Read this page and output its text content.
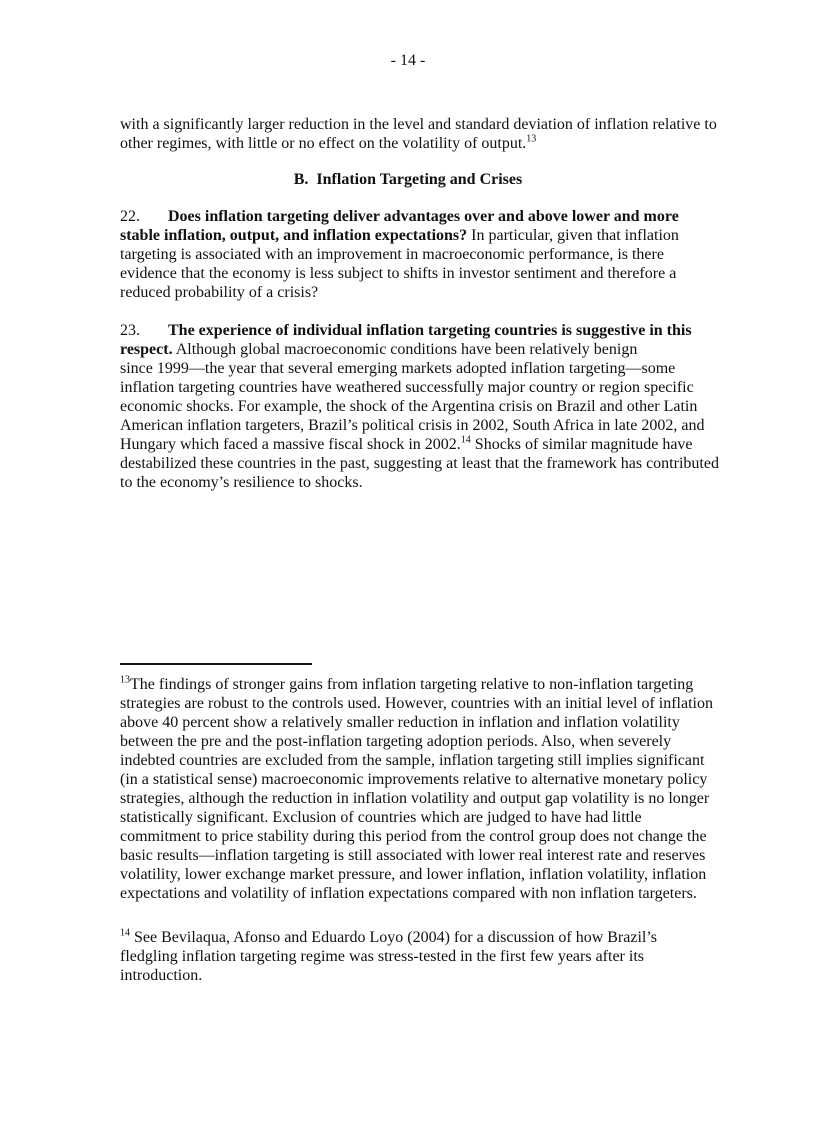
- 14 -

with a significantly larger reduction in the level and standard deviation of inflation relative to
other regimes, with little or no effect on the volatility of output.$^{13}$

B. Inflation Targeting and Crises

22. Does inflation targeting deliver advantages over and above lower and more
stable inflation, output, and inflation expectations? In particular, given that inflation
targeting is associated with an improvement in macroeconomic performance, is there
evidence that the economy is less subject to shifts in investor sentiment and therefore a
reduced probability of a crisis?

23. The experience of individual inflation targeting countries is suggestive in this
respect. Although global macroeconomic conditions have been relatively benign
since 1999—the year that several emerging markets adopted inflation targeting—some
inflation targeting countries have weathered successfully major country or region specific
economic shocks. For example, the shock of the Argentina crisis on Brazil and other Latin
American inflation targeters, Brazil’s political crisis in 2002, South Africa in late 2002, and
Hungary which faced a massive fiscal shock in 2002.14 Shocks of similar magnitude have
destabilized these countries in the past, suggesting at least that the framework has contributed
to the economy’s resilience to shocks.

$^{13}$The findings of stronger gains from inflation targeting relative to non-inflation targeting
strategies are robust to the controls used. However, countries with an initial level of inflation
above 40 percent show a relatively smaller reduction in inflation and inflation volatility
between the pre and the post-inflation targeting adoption periods. Also, when severely
indebted countries are excluded from the sample, inflation targeting still implies significant
(in a statistical sense) macroeconomic improvements relative to alternative monetary policy
strategies, although the reduction in inflation volatility and output gap volatility is no longer
statistically significant. Exclusion of countries which are judged to have had little
commitment to price stability during this period from the control group does not change the
basic results—inflation targeting is still associated with lower real interest rate and reserves
volatility, lower exchange market pressure, and lower inflation, inflation volatility, inflation
expectations and volatility of inflation expectations compared with non inflation targeters.

$^{14}$ See Bevilaqua, Afonso and Eduardo Loyo (2004) for a discussion of how Brazil’s
fledgling inflation targeting regime was stress-tested in the first few years after its
introduction.
